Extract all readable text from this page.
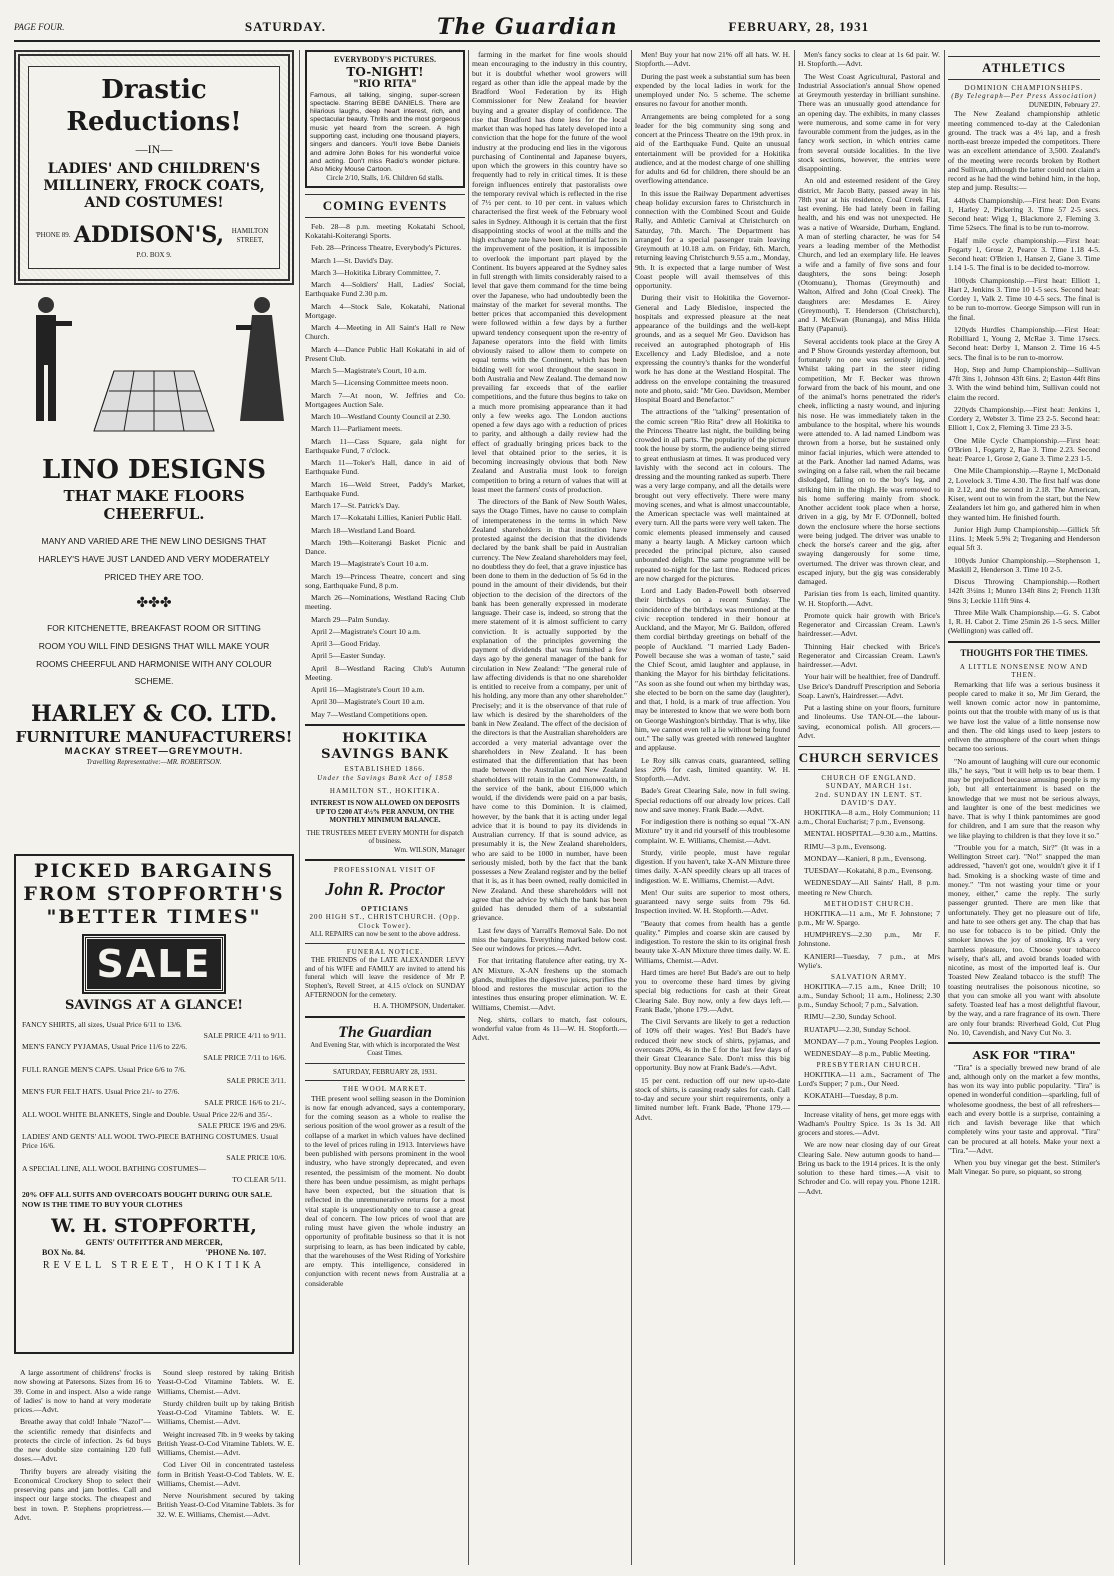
PAGE FOUR.	SATURDAY.	The Guardian	FEBRUARY, 28, 1931
Drastic Reductions!
—IN—
LADIES' AND CHILDREN'S
MILLINERY, FROCK COATS,
AND COSTUMES!
'PHONE 89. ADDISON'S,	HAMILTON STREET,
P.O. BOX 9.
LINO DESIGNS
THAT MAKE FLOORS
CHEERFUL.
MANY AND VARIED ARE THE NEW LINO DESIGNS THAT HARLEY'S HAVE JUST LANDED AND VERY MODERATELY PRICED THEY ARE TOO.
✤✤✤
FOR KITCHENETTE, BREAKFAST ROOM OR SITTING ROOM YOU WILL FIND DESIGNS THAT WILL MAKE YOUR ROOMS CHEERFUL AND HARMONISE WITH ANY COLOUR SCHEME.
HARLEY & CO. LTD.
FURNITURE MANUFACTURERS!
MACKAY STREET—GREYMOUTH.
Travelling Representative:—MR. ROBERTSON.
PICKED BARGAINS
FROM STOPFORTH'S
"BETTER TIMES"
SALE
SAVINGS AT A GLANCE!
FANCY SHIRTS, all sizes, Usual Price 6/11 to 13/6.
SALE PRICE 4/11 to 9/11.
MEN'S FANCY PYJAMAS, Usual Price 11/6 to 22/6.
SALE PRICE 7/11 to 16/6.
FULL RANGE MEN'S CAPS. Usual Price 6/6 to 7/6.
SALE PRICE 3/11.
MEN'S FUR FELT HATS. Usual Price 21/- to 27/6.
SALE PRICE 16/6 to 21/-.
ALL WOOL WHITE BLANKETS, Single and Double. Usual Price 22/6 and 35/-.
SALE PRICE 19/6 and 29/6.
LADIES' AND GENTS' ALL WOOL TWO-PIECE BATHING COSTUMES. Usual Price 16/6.
SALE PRICE 10/6.
A SPECIAL LINE, ALL WOOL BATHING COSTUMES—
TO CLEAR 5/11.
20% OFF ALL SUITS AND OVERCOATS BOUGHT DURING OUR SALE. NOW IS THE TIME TO BUY YOUR CLOTHES
W. H. STOPFORTH,
GENTS' OUTFITTER AND MERCER,
BOX No. 84.	'PHONE No. 107.
REVELL STREET, HOKITIKA

A large assortment of childrens' frocks is now showing at Patersons. Sizes from 16 to 39. Come in and inspect. Also a wide range of ladies' is now to hand at very moderate prices.—Advt.

Breathe away that cold! Inhale "Nazol"—the scientific remedy that disinfects and protects the circle of infection. 2s 6d buys the new double size containing 120 full doses.—Advt.

Thrifty buyers are already visiting the Economical Crockery Shop to select their preserving pans and jam bottles. Call and inspect our large stocks. The cheapest and best in town. P. Stephens proprietress.—Advt.

Sound sleep restored by taking British Yeast-O-Cod Vitamine Tablets. W. E. Williams, Chemist.—Advt.

Sturdy children built up by taking British Yeast-O-Cod Vitamine Tablets. W. E. Williams, Chemist.—Advt.

Weight increased 7lb. in 9 weeks by taking British Yeast-O-Cod Vitamine Tablets. W. E. Williams, Chemist.—Advt.

Cod Liver Oil in concentrated tasteless form in British Yeast-O-Cod Tablets. W. E. Williams, Chemist.—Advt.

Nerve Nourishment secured by taking British Yeast-O-Cod Vitamine Tablets. 3s for 32. W. E. Williams, Chemist.—Advt.

EVERYBODY'S PICTURES.
TO-NIGHT!
"RIO RITA"

Famous, all talking, singing, super-screen spectacle. Starring BEBE DANIELS. There are hilarious laughs, deep heart interest, rich, and spectacular beauty. Thrills and the most gorgeous music yet heard from the screen. A high supporting cast, including one thousand players, singers and dancers. You'll love Bebe Daniels and admire John Boles for his wonderful voice and acting. Don't miss Radio's wonder picture. Also Micky Mouse Cartoon.

Circle 2/10, Stalls, 1/6. Children 6d stalls.
COMING EVENTS

Feb. 28—8 p.m. meeting Kokatahi School, Kokatahi-Koiterangi Sports.

Feb. 28—Princess Theatre, Everybody's Pictures.

March 1—St. David's Day.

March 3—Hokitika Library Committee, 7.

March 4—Soldiers' Hall, Ladies' Social, Earthquake Fund 2.30 p.m.

March 4—Stock Sale, Kokatahi, National Mortgage.

March 4—Meeting in All Saint's Hall re New Church.

March 4—Dance Public Hall Kokatahi in aid of Present Club.

March 5—Magistrate's Court, 10 a.m.

March 5—Licensing Committee meets noon.

March 7—At noon, W. Jeffries and Co. Mortgagees Auction Sale.

March 10—Westland County Council at 2.30.

March 11—Parliament meets.

March 11—Cass Square, gala night for Earthquake Fund, 7 o'clock.

March 11—Toker's Hall, dance in aid of Earthquake Fund.

March 16—Weld Street, Paddy's Market, Earthquake Fund.

March 17—St. Patrick's Day.

March 17—Kokatahi Lillies, Kanieri Public Hall.

March 18—Westland Land Board.

March 19th—Koiterangi Basket Picnic and Dance.

March 19—Magistrate's Court 10 a.m.

March 19—Princess Theatre, concert and sing song, Earthquake Fund, 8 p.m.

March 26—Nominations, Westland Racing Club meeting.

March 29—Palm Sunday.

April 2—Magistrate's Court 10 a.m.

April 3—Good Friday.

April 5—Easter Sunday.

April 8—Westland Racing Club's Autumn Meeting.

April 16—Magistrate's Court 10 a.m.

April 30—Magistrate's Court 10 a.m.

May 7—Westland Competitions open.

HOKITIKA SAVINGS BANK
ESTABLISHED 1866.
Under the Savings Bank Act of 1858
HAMILTON ST., HOKITIKA.
INTEREST IS NOW ALLOWED ON DEPOSITS UP TO £200 AT 4½% PER ANNUM, ON THE MONTHLY MINIMUM BALANCE.
THE TRUSTEES MEET EVERY MONTH for dispatch of business.
Wm. WILSON, Manager
PROFESSIONAL VISIT OF
John R. Proctor
OPTICIANS
200 HIGH ST., CHRISTCHURCH. (Opp. Clock Tower).
ALL REPAIRS can now be sent to the above address.
FUNERAL NOTICE.

THE FRIENDS of the LATE ALEXANDER LEVY and of his WIFE and FAMILY are invited to attend his funeral which will leave the residence of Mr P. Stephen's, Revell Street, at 4.15 o'clock on SUNDAY AFTERNOON for the cemetery.

H. A. THOMPSON, Undertaker.
The Guardian
And Evening Star, with which is incorporated the West Coast Times.
SATURDAY, FEBRUARY 28, 1931.
THE WOOL MARKET.

THE present wool selling season in the Dominion is now far enough advanced, says a contemporary, for the coming season as a whole to realise the serious position of the wool grower as a result of the collapse of a market in which values have declined to the level of prices ruling in 1913. Interviews have been published with persons prominent in the wool industry, who have strongly deprecated, and even resented, the pessimism of the moment. No doubt there has been undue pessimism, as might perhaps have been expected, but the situation that is reflected in the unremunerative returns for a most vital staple is unquestionably one to cause a great deal of concern. The low prices of wool that are ruling must have given the whole industry an opportunity of profitable business so that it is not surprising to learn, as has been indicated by cable, that the warehouses of the West Riding of Yorkshire are empty. This intelligence, considered in conjunction with recent news from Australia at a considerable

farming in the market for fine wools should mean encouraging to the industry in this country, but it is doubtful whether wool growers will regard as other than idle the appeal made by the Bradford Wool Federation by its High Commissioner for New Zealand for heavier buying and a greater display of confidence. The rise that Bradford has done less for the local market than was hoped has lately developed into a conviction that the hope for the future of the wool industry at the producing end lies in the vigorous purchasing of Continental and Japanese buyers, upon which the growers in this country have so frequently had to rely in critical times. It is these foreign influences entirely that pastoralists owe the temporary revival which is reflected in the rise of 7½ per cent. to 10 per cent. in values which characterised the first week of the February wool sales in Sydney. Although it is certain that the first disappointing stocks of wool at the mills and the high exchange rate have been influential factors in the improvement of the position, it is impossible to overlook the important part played by the Continent. Its buyers appeared at the Sydney sales in full strength with limits considerably raised to a level that gave them command for the time being over the Japanese, who had undoubtedly been the mainstay of the market for several months. The better prices that accompanied this development were followed within a few days by a further upward tendency consequent upon the re-entry of Japanese operators into the field with limits obviously raised to allow them to compete on equal terms with the Continent, which has been bidding well for wool throughout the season in both Australia and New Zealand. The demand now prevailing far exceeds that of the earlier competitions, and the future thus begins to take on a much more promising appearance than it had only a few weeks ago. The London auctions opened a few days ago with a reduction of prices to parity, and although a daily review had the effect of gradually bringing prices back to the level that obtained prior to the series, it is becoming increasingly obvious that both New Zealand and Australia must look to foreign competition to bring a return of values that will at least meet the farmers' costs of production.

The directors of the Bank of New South Wales, says the Otago Times, have no cause to complain of intemperateness in the terms in which New Zealand shareholders in that institution have protested against the decision that the dividends declared by the bank shall be paid in Australian currency. The New Zealand shareholders may feel, no doubtless they do feel, that a grave injustice has been done to them in the deduction of 5s 6d in the pound in the amount of their dividends, but their objection to the decision of the directors of the bank has been generally expressed in moderate language. Their case is, indeed, so strong that the mere statement of it is almost sufficient to carry conviction. It is actually supported by the explanation of the principles governing the payment of dividends that was furnished a few days ago by the general manager of the bank for circulation in New Zealand: "The general rule of law affecting dividends is that no one shareholder is entitled to receive from a company, per unit of his holding, any more than any other shareholder." Precisely; and it is the observance of that rule of law which is desired by the shareholders of the bank in New Zealand. The effect of the decision of the directors is that the Australian shareholders are accorded a very material advantage over the shareholders in New Zealand. It has been estimated that the differentiation that has been made between the Australian and New Zealand shareholders will retain in the Commonwealth, in the service of the bank, about £16,000 which would, if the dividends were paid on a par basis, have come to this Dominion. It is claimed, however, by the bank that it is acting under legal advice that it is bound to pay its dividends in Australian currency. If that is sound advice, as presumably it is, the New Zealand shareholders, who are said to be 1000 in number, have been seriously misled, both by the fact that the bank possesses a New Zealand register and by the belief that it is, as it has been owned, really domiciled in New Zealand. And these shareholders will not agree that the advice by which the bank has been guided has denuded them of a substantial grievance.

Last few days of Yarrall's Removal Sale. Do not miss the bargains. Everything marked below cost. See our windows for prices.—Advt.

For that irritating flatulence after eating, try X-AN Mixture. X-AN freshens up the stomach glands, multiplies the digestive juices, purifies the blood and restores the muscular action to the intestines thus ensuring proper elimination. W. E. Williams, Chemist.—Advt.

Neg. shirts, collars to match, fast colours, wonderful value from 4s 11—W. H. Stopforth.—Advt.

Men! Buy your hat now 21% off all hats. W. H. Stopforth.—Advt.

During the past week a substantial sum has been expended by the local ladies in work for the unemployed under No. 5 scheme. The scheme ensures no favour for another month.

Arrangements are being completed for a song leader for the big community sing song and concert at the Princess Theatre on the 19th prox. in aid of the Earthquake Fund. Quite an unusual entertainment will be provided for a Hokitika audience, and at the modest charge of one shilling for adults and 6d for children, there should be an overflowing attendance.

In this issue the Railway Department advertises cheap holiday excursion fares to Christchurch in connection with the Combined Scout and Guide Rally, and Athletic Carnival at Christchurch on Saturday, 7th. March. The Department has arranged for a special passenger train leaving Greymouth at 10.18 a.m. on Friday, 6th. March, returning leaving Christchurch 9.55 a.m., Monday, 9th. It is expected that a large number of West Coast people will avail themselves of this opportunity.

During their visit to Hokitika the Governor-General and Lady Bledisloe, inspected the hospitals and expressed pleasure at the neat appearance of the buildings and the well-kept grounds, and as a sequel Mr Geo. Davidson has received an autographed photograph of His Excellency and Lady Bledisloe, and a note expressing the country's thanks for the wonderful work he has done at the Westland Hospital. The address on the envelope containing the treasured note and photo, said: "Mr Geo. Davidson, Member Hospital Board and Benefactor."

The attractions of the "talking" presentation of the comic screen "Rio Rita" drew all Hokitika to the Princess Theatre last night, the building being crowded in all parts. The popularity of the picture took the house by storm, the audience being stirred to great enthusiasm at times. It was produced very lavishly with the second act in colours. The dressing and the mounting ranked as superb. There was a very large company, and all the details were brought out very effectively. There were many moving scenes, and what is almost unaccountable, the American spectacle was well maintained at every turn. All the parts were very well taken. The comic elements pleased immensely and caused many a hearty laugh. A Mickey cartoon which preceded the principal picture, also caused unbounded delight. The same programme will be repeated to-night for the last time. Reduced prices are now charged for the pictures.

Lord and Lady Baden-Powell both observed their birthdays on a recent Sunday. The coincidence of the birthdays was mentioned at the civic reception tendered in their honour at Auckland, and the Mayor, Mr G. Baildon, offered them cordial birthday greetings on behalf of the people of Auckland. "I married Lady Baden-Powell because she was a woman of taste," said the Chief Scout, amid laughter and applause, in thanking the Mayor for his birthday felicitations. "As soon as she found out when my birthday was, she elected to be born on the same day (laughter), and that, I hold, is a mark of true affection. You may be interested to know that we were both born on George Washington's birthday. That is why, like him, we cannot even tell a lie without being found out." The sally was greeted with renewed laughter and applause.

Le Roy silk canvas coats, guaranteed, selling less 20% for cash, limited quantity. W. H. Stopforth.—Advt.

Bade's Great Clearing Sale, now in full swing. Special reductions off our already low prices. Call now and save money. Frank Bade.—Advt.

For indigestion there is nothing so equal "X-AN Mixture" try it and rid yourself of this troublesome complaint. W. E. Williams, Chemist.—Advt.

Sturdy, virile people, must have regular digestion. If you haven't, take X-AN Mixture three times daily. X-AN speedily clears up all traces of indigestion. W. E. Williams, Chemist.—Advt.

Men! Our suits are superior to most others, guaranteed navy serge suits from 79s 6d. Inspection invited. W. H. Stopforth.—Advt.

"Beauty that comes from health has a gentle quality." Pimples and coarse skin are caused by indigestion. To restore the skin to its original fresh beauty take X-AN Mixture three times daily. W. E. Williams, Chemist.—Advt.

Hard times are here! But Bade's are out to help you to overcome these hard times by giving special big reductions for cash at their Great Clearing Sale. Buy now, only a few days left.—Frank Bade, 'phone 179.—Advt.

The Civil Servants are likely to get a reduction of 10% off their wages. Yes! But Bade's have reduced their new stock of shirts, pyjamas, and overcoats 20%, 4s in the £ for the last few days of their Great Clearance Sale. Don't miss this big opportunity. Buy now at Frank Bade's.—Advt.

15 per cent. reduction off our new up-to-date stock of shirts, is causing ready sales for cash. Call to-day and secure your shirt requirements, only a limited number left. Frank Bade, 'Phone 179.—Advt.

Men's fancy socks to clear at 1s 6d pair. W. H. Stopforth.—Advt.

The West Coast Agricultural, Pastoral and Industrial Association's annual Show opened at Greymouth yesterday in brilliant sunshine. There was an unusually good attendance for an opening day. The exhibits, in many classes were numerous, and some came in for very favourable comment from the judges, as in the fancy work section, in which entries came from several outside localities. In the live stock sections, however, the entries were disappointing.

An old and esteemed resident of the Grey district, Mr Jacob Batty, passed away in his 78th year at his residence, Coal Creek Flat, last evening. He had lately been in failing health, and his end was not unexpected. He was a native of Wearside, Durham, England. A man of sterling character, he was for 54 years a leading member of the Methodist Church, and led an exemplary life. He leaves a wife and a family of five sons and four daughters, the sons being: Joseph (Otomuanu), Thomas (Greymouth) and Walton, Alfred and John (Coal Creek). The daughters are: Mesdames E. Airey (Greymouth), T. Henderson (Christchurch), and J. McEwan (Runanga), and Miss Hilda Batty (Papanui).

Several accidents took place at the Grey A and P Show Grounds yesterday afternoon, but fortunately no one was seriously injured. Whilst taking part in the steer riding competition, Mr F. Becker was thrown forward from the back of his mount, and one of the animal's horns penetrated the rider's cheek, inflicting a nasty wound, and injuring his nose. He was immediately taken in the ambulance to the hospital, where his wounds were attended to. A lad named Lindbom was thrown from a horse, but he sustained only minor facial injuries, which were attended to at the Park. Another lad named Adams, was swinging on a false rail, when the rail became dislodged, falling on to the boy's leg, and striking him in the thigh. He was removed to his home suffering mainly from shock. Another accident took place when a horse, driven in a gig, by Mr F. O'Donnell, bolted down the enclosure where the horse sections were being judged. The driver was unable to check the horse's career and the gig, after swaying dangerously for some time, overturned. The driver was thrown clear, and escaped injury, but the gig was considerably damaged.

Parisian ties from 1s each, limited quantity. W. H. Stopforth.—Advt.

Promote quick hair growth with Brice's Regenerator and Circassian Cream. Lawn's hairdresser.—Advt.

Thinning Hair checked with Brice's Regenerator and Circassian Cream. Lawn's hairdresser.—Advt.

Your hair will be healthier, free of Dandruff. Use Brice's Dandruff Prescription and Seboria Soap. Lawn's, Hairdresser.—Advt.

Put a lasting shine on your floors, furniture and linoleums. Use TAN-OL—the labour-saving, economical polish. All grocers.—Advt.

CHURCH SERVICES
CHURCH OF ENGLAND.
SUNDAY, MARCH 1st.
2nd. SUNDAY IN LENT. ST. DAVID'S DAY.

HOKITIKA—8 a.m., Holy Communion; 11 a.m., Choral Eucharist; 7 p.m., Evensong.

MENTAL HOSPITAL—9.30 a.m., Mattins.

RIMU—3 p.m., Evensong.

MONDAY—Kanieri, 8 p.m., Evensong.

TUESDAY—Kokatahi, 8 p.m., Evensong.

WEDNESDAY—All Saints' Hall, 8 p.m. meeting re New Church.

METHODIST CHURCH.

HOKITIKA—11 a.m., Mr F. Johnstone; 7 p.m., Mr W. Spargo.

HUMPHREYS—2.30 p.m., Mr F. Johnstone.

KANIERI—Tuesday, 7 p.m., at Mrs Wylie's.

SALVATION ARMY.

HOKITIKA—7.15 a.m., Knee Drill; 10 a.m., Sunday School; 11 a.m., Holiness; 2.30 p.m., Sunday School; 7 p.m., Salvation.

RIMU—2.30, Sunday School.

RUATAPU—2.30, Sunday School.

MONDAY—7 p.m., Young Peoples Legion.

WEDNESDAY—8 p.m., Public Meeting.

PRESBYTERIAN CHURCH.

HOKITIKA—11 a.m., Sacrament of The Lord's Supper; 7 p.m., Our Need.

KOKATAHI—Tuesday, 8 p.m.

Increase vitality of hens, get more eggs with Wadham's Poultry Spice. 1s 3s 1s 3d. All grocers and stores.—Advt.

We are now near closing day of our Great Clearing Sale. New autumn goods to hand—Bring us back to the 1914 prices. It is the only solution to these hard times.—A visit to Schroder and Co. will repay you. Phone 121R.—Advt.

ATHLETICS
DOMINION CHAMPIONSHIPS.
(By Telegraph—Per Press Association)
DUNEDIN, February 27.

The New Zealand championship athletic meeting commenced to-day at the Caledonian ground. The track was a 4½ lap, and a fresh north-east breeze impeded the competitors. There was an excellent attendance of 3,500. Zealand's of the meeting were records broken by Rothert and Sullivan, although the latter could not claim a record as he had the wind behind him, in the hop, step and jump. Results:—

440yds Championship.—First heat: Don Evans 1, Harley 2, Pickering 3. Time 57 2-5 secs. Second heat: Wigg 1, Blackmore 2, Fleming 3. Time 52secs. The final is to be run to-morrow.

Half mile cycle championship.—First heat: Fogarty 1, Grose 2, Pearce 3. Time 1.18 4-5. Second heat: O'Brien 1, Hansen 2, Gane 3. Time 1.14 1-5. The final is to be decided to-morrow.

100yds Championship.—First heat: Elliott 1, Hart 2, Jenkins 3. Time 10 1-5 secs. Second heat: Cordey 1, Valk 2. Time 10 4-5 secs. The final is to be run to-morrow. George Simpson will run in the final.

120yds Hurdles Championship.—First Heat: Robilliard 1, Young 2, McRae 3. Time 17secs. Second heat: Derby 1, Manson 2. Time 16 4-5 secs. The final is to be run to-morrow.

Hop, Step and Jump Championship—Sullivan 47ft 3ins 1, Johnson 43ft 6ins. 2; Easton 44ft 8ins 3. With the wind behind him, Sullivan could not claim the record.

220yds Championship.—First heat: Jenkins 1, Cordery 2, Webster 3. Time 23 2-5. Second heat: Elliott 1, Cox 2, Fleming 3. Time 23 3-5.

One Mile Cycle Championship.—First heat: O'Brien 1, Fogarty 2, Rae 3. Time 2.23. Second heat: Pearce 1, Grose 2, Gane 3. Time 2.23 1-5.

One Mile Championship.—Rayne 1, McDonald 2, Lovelock 3. Time 4.30. The first half was done in 2.12, and the second in 2.18. The American, Kiser, went out to win from the start, but the New Zealanders let him go, and gathered him in when they wanted him. He finished fourth.

Junior High Jump Championship.—Gillick 5ft 11ins. 1; Meek 5.9¾ 2; Treganing and Henderson equal 5ft 3.

100yds Junior Championship.—Stephenson 1, Maskill 2, Henderson 3. Time 10 2-5.

Discus Throwing Championship.—Rothert 142ft 3½ins 1; Munro 134ft 8ins 2; French 113ft 9ins 3; Leckie 111ft 9ins 4.

Three Mile Walk Championship.—G. S. Cabot 1, R. H. Cabot 2. Time 25min 26 1-5 secs. Miller (Wellington) was called off.

THOUGHTS FOR THE TIMES.
A LITTLE NONSENSE NOW AND THEN.

Remarking that life was a serious business it people cared to make it so, Mr Jim Gerard, the well known comic actor now in pantomime, points out that the trouble with many of us is that we have lost the value of a little nonsense now and then. The old kings used to keep jesters to enliven the atmosphere of the court when things became too serious.

"No amount of laughing will cure our economic ills," he says, "but it will help us to bear them. I may be prejudiced because amusing people is my job, but all entertainment is based on the knowledge that we must not be serious always, and laughter is one of the best medicines we have. That is why I think pantomimes are good for children, and I am sure that the reason why we like playing to children is that they love it so."

"Trouble you for a match, Sir?" (It was in a Wellington Street car). "No!" snapped the man addressed, "haven't got one, wouldn't give it if I had. Smoking is a shocking waste of time and money." "I'm not wasting your time or your money, either," came the reply. The surly passenger grunted. There are men like that unfortunately. They get no pleasure out of life, and hate to see others get any. The chap that has no use for tobacco is to be pitied. Only the smoker knows the joy of smoking. It's a very harmless pleasure, too. Choose your tobacco wisely, that's all, and avoid brands loaded with nicotine, as most of the imported leaf is. Our Toasted New Zealand tobacco is the stuff! The toasting neutralises the poisonous nicotine, so that you can smoke all you want with absolute safety. Toasted leaf has a most delightful flavour, by the way, and a rare fragrance of its own. There are only four brands: Riverhead Gold, Cut Plug No. 10, Cavendish, and Navy Cut No. 3.

ASK FOR "TIRA"

"Tira" is a specially brewed new brand of ale and, although only on the market a few months, has won its way into public popularity. "Tira" is opened in wonderful condition—sparkling, full of wholesome goodness, the best of all refreshers—each and every bottle is a surprise, containing a rich and lavish beverage like that which completely wins your taste and approval. "Tira" can be procured at all hotels. Make your next a "Tira."—Advt.

When you buy vinegar get the best. Stimiler's Malt Vinegar. So pure, so piquant, so strong
